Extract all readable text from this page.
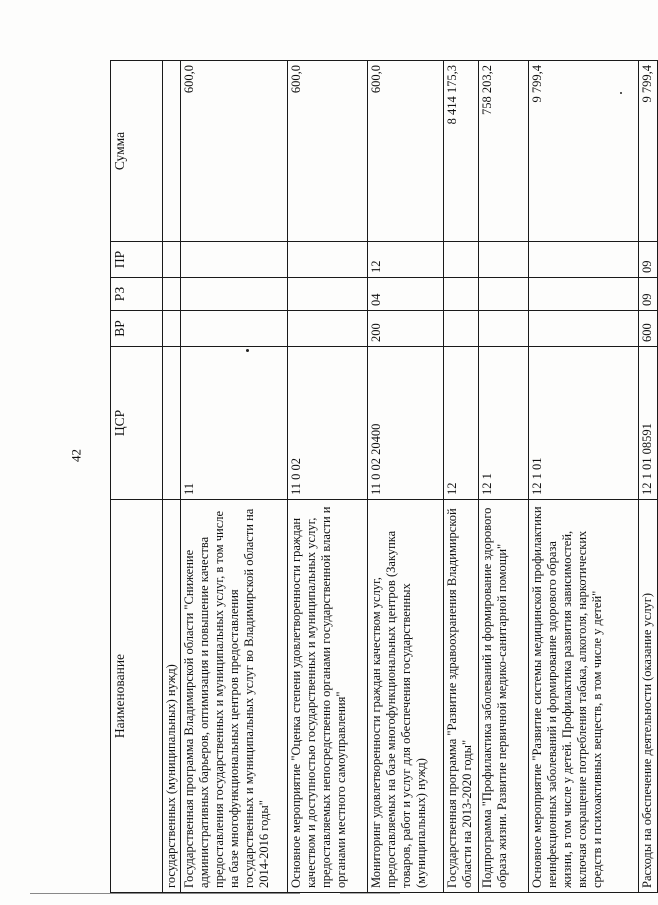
42
Наименование	ЦСР	ВР	РЗ	ПР	Сумма
государственных (муниципальных) нужд)					
Государственная программа Владимирской области "Снижение административных барьеров, оптимизация и повышение качества предоставления государственных и муниципальных услуг, в том числе на базе многофункциональных центров предоставления государственных и муниципальных услуг во Владимирской области на 2014-2016 годы"	11				600,0
Основное мероприятие "Оценка степени удовлетворенности граждан качеством и доступностью государственных и муниципальных услуг, предоставляемых непосредственно органами государственной власти и органами местного самоуправления"	11 0 02				600,0
Мониторинг удовлетворенности граждан качеством услуг, предоставляемых на базе многофункциональных центров (Закупка товаров, работ и услуг для обеспечения государственных (муниципальных) нужд)	11 0 02 20400	200	04	12	600,0
Государственная программа "Развитие здравоохранения Владимирской области на 2013-2020 годы"	12				8 414 175,3
Подпрограмма "Профилактика заболеваний и формирование здорового образа жизни. Развитие первичной медико-санитарной помощи"	12 1				758 203,2
Основное мероприятие "Развитие системы медицинской профилактики неинфекционных заболеваний и формирование здорового образа жизни, в том числе у детей. Профилактика развития зависимостей, включая сокращение потребления табака, алкоголя, наркотических средств и психоактивных веществ, в том числе у детей"	12 1 01				9 799,4
Расходы на обеспечение деятельности (оказание услуг)	12 1 01 08591	600	09	09	9 799,4
